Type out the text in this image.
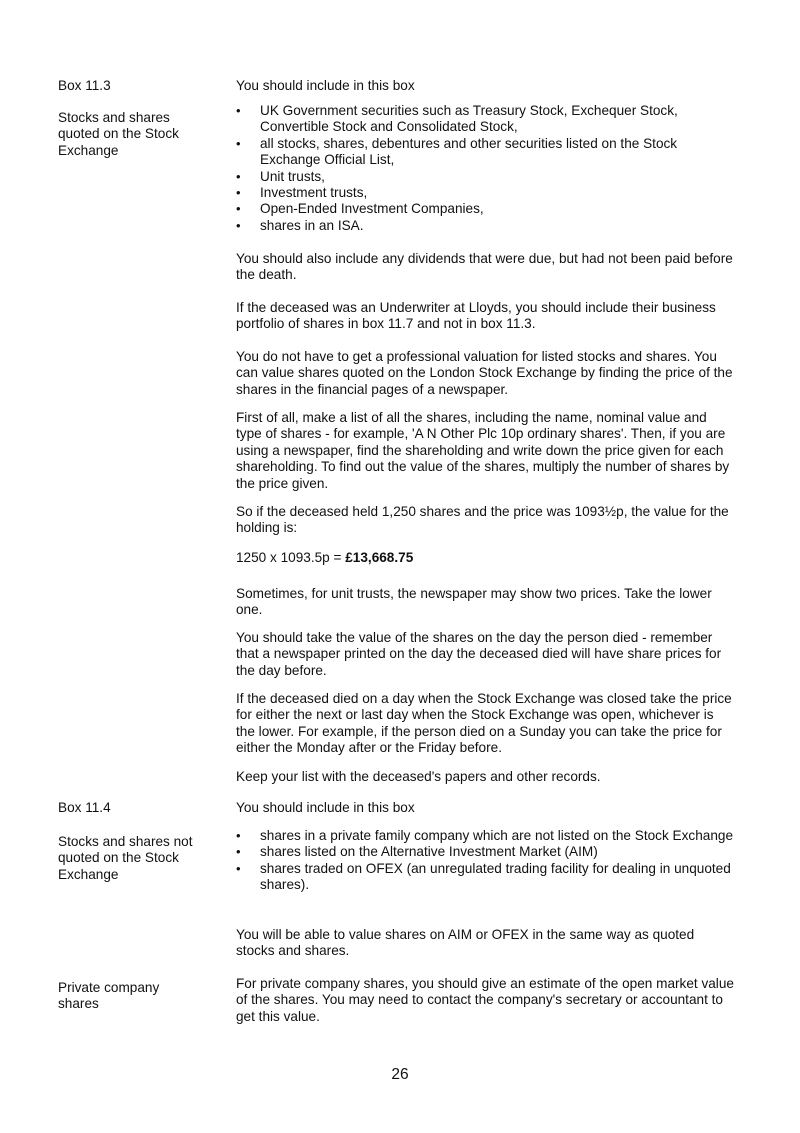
Box 11.3

Stocks and shares quoted on the Stock Exchange

You should include in this box

• UK Government securities such as Treasury Stock, Exchequer Stock, Convertible Stock and Consolidated Stock,
• all stocks, shares, debentures and other securities listed on the Stock Exchange Official List,
• Unit trusts,
• Investment trusts,
• Open-Ended Investment Companies,
• shares in an ISA.

You should also include any dividends that were due, but had not been paid before the death.

If the deceased was an Underwriter at Lloyds, you should include their business portfolio of shares in box 11.7 and not in box 11.3.

You do not have to get a professional valuation for listed stocks and shares. You can value shares quoted on the London Stock Exchange by finding the price of the shares in the financial pages of a newspaper.

First of all, make a list of all the shares, including the name, nominal value and type of shares - for example, 'A N Other Plc 10p ordinary shares'. Then, if you are using a newspaper, find the shareholding and write down the price given for each shareholding. To find out the value of the shares, multiply the number of shares by the price given.

So if the deceased held 1,250 shares and the price was 1093½p, the value for the holding is:

1250 x 1093.5p = £13,668.75

Sometimes, for unit trusts, the newspaper may show two prices. Take the lower one.

You should take the value of the shares on the day the person died - remember that a newspaper printed on the day the deceased died will have share prices for the day before.

If the deceased died on a day when the Stock Exchange was closed take the price for either the next or last day when the Stock Exchange was open, whichever is the lower. For example, if the person died on a Sunday you can take the price for either the Monday after or the Friday before.

Keep your list with the deceased's papers and other records.

Box 11.4

Stocks and shares not quoted on the Stock Exchange

You should include in this box

• shares in a private family company which are not listed on the Stock Exchange
• shares listed on the Alternative Investment Market (AIM)
• shares traded on OFEX (an unregulated trading facility for dealing in unquoted shares).

You will be able to value shares on AIM or OFEX in the same way as quoted stocks and shares.

Private company shares

For private company shares, you should give an estimate of the open market value of the shares. You may need to contact the company's secretary or accountant to get this value.

26
